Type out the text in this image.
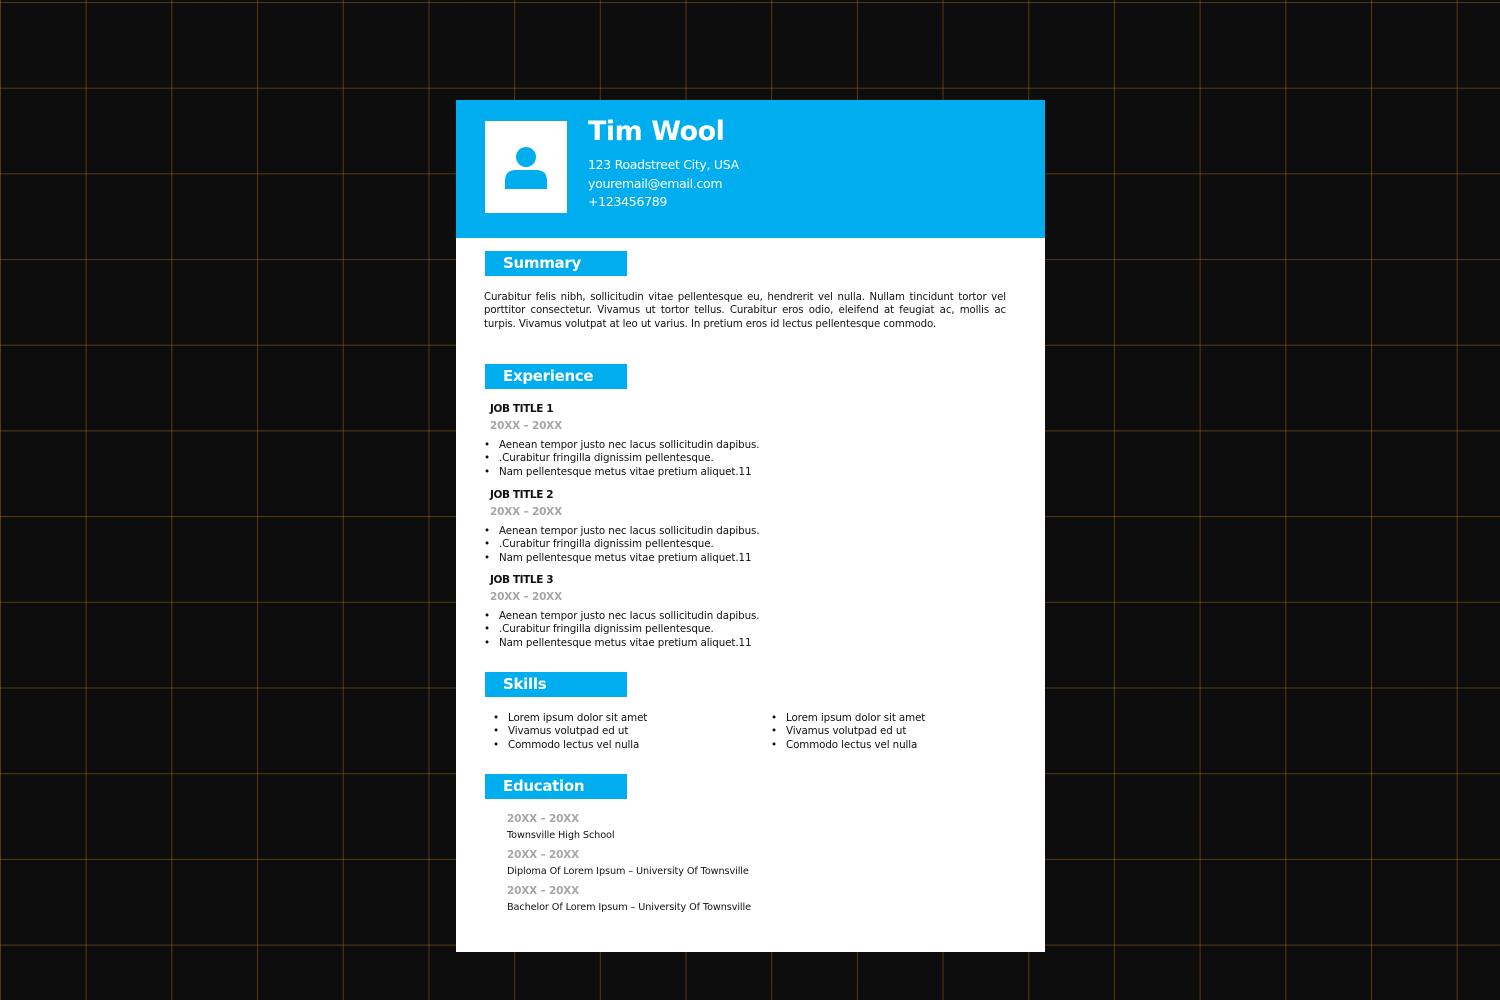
Tim Wool
123 Roadstreet City, USA
youremail@email.com
+123456789
Summary

Curabitur felis nibh, sollicitudin vitae pellentesque eu, hendrerit vel nulla. Nullam tincidunt tortor vel porttitor consectetur. Vivamus ut tortor tellus. Curabitur eros odio, eleifend at feugiat ac, mollis ac turpis. Vivamus volutpat at leo ut varius. In pretium eros id lectus pellentesque commodo.

Experience

JOB TITLE 1

20XX – 20XX

• Aenean tempor justo nec lacus sollicitudin dapibus.
• .Curabitur fringilla dignissim pellentesque.
• Nam pellentesque metus vitae pretium aliquet.11

JOB TITLE 2

20XX – 20XX

• Aenean tempor justo nec lacus sollicitudin dapibus.
• .Curabitur fringilla dignissim pellentesque.
• Nam pellentesque metus vitae pretium aliquet.11

JOB TITLE 3

20XX – 20XX

• Aenean tempor justo nec lacus sollicitudin dapibus.
• .Curabitur fringilla dignissim pellentesque.
• Nam pellentesque metus vitae pretium aliquet.11
Skills
• Lorem ipsum dolor sit amet
• Vivamus volutpad ed ut
• Commodo lectus vel nulla
• Lorem ipsum dolor sit amet
• Vivamus volutpad ed ut
• Commodo lectus vel nulla
Education

20XX – 20XX

Townsville High School

20XX – 20XX

Diploma Of Lorem Ipsum – University Of Townsville

20XX – 20XX

Bachelor Of Lorem Ipsum – University Of Townsville
